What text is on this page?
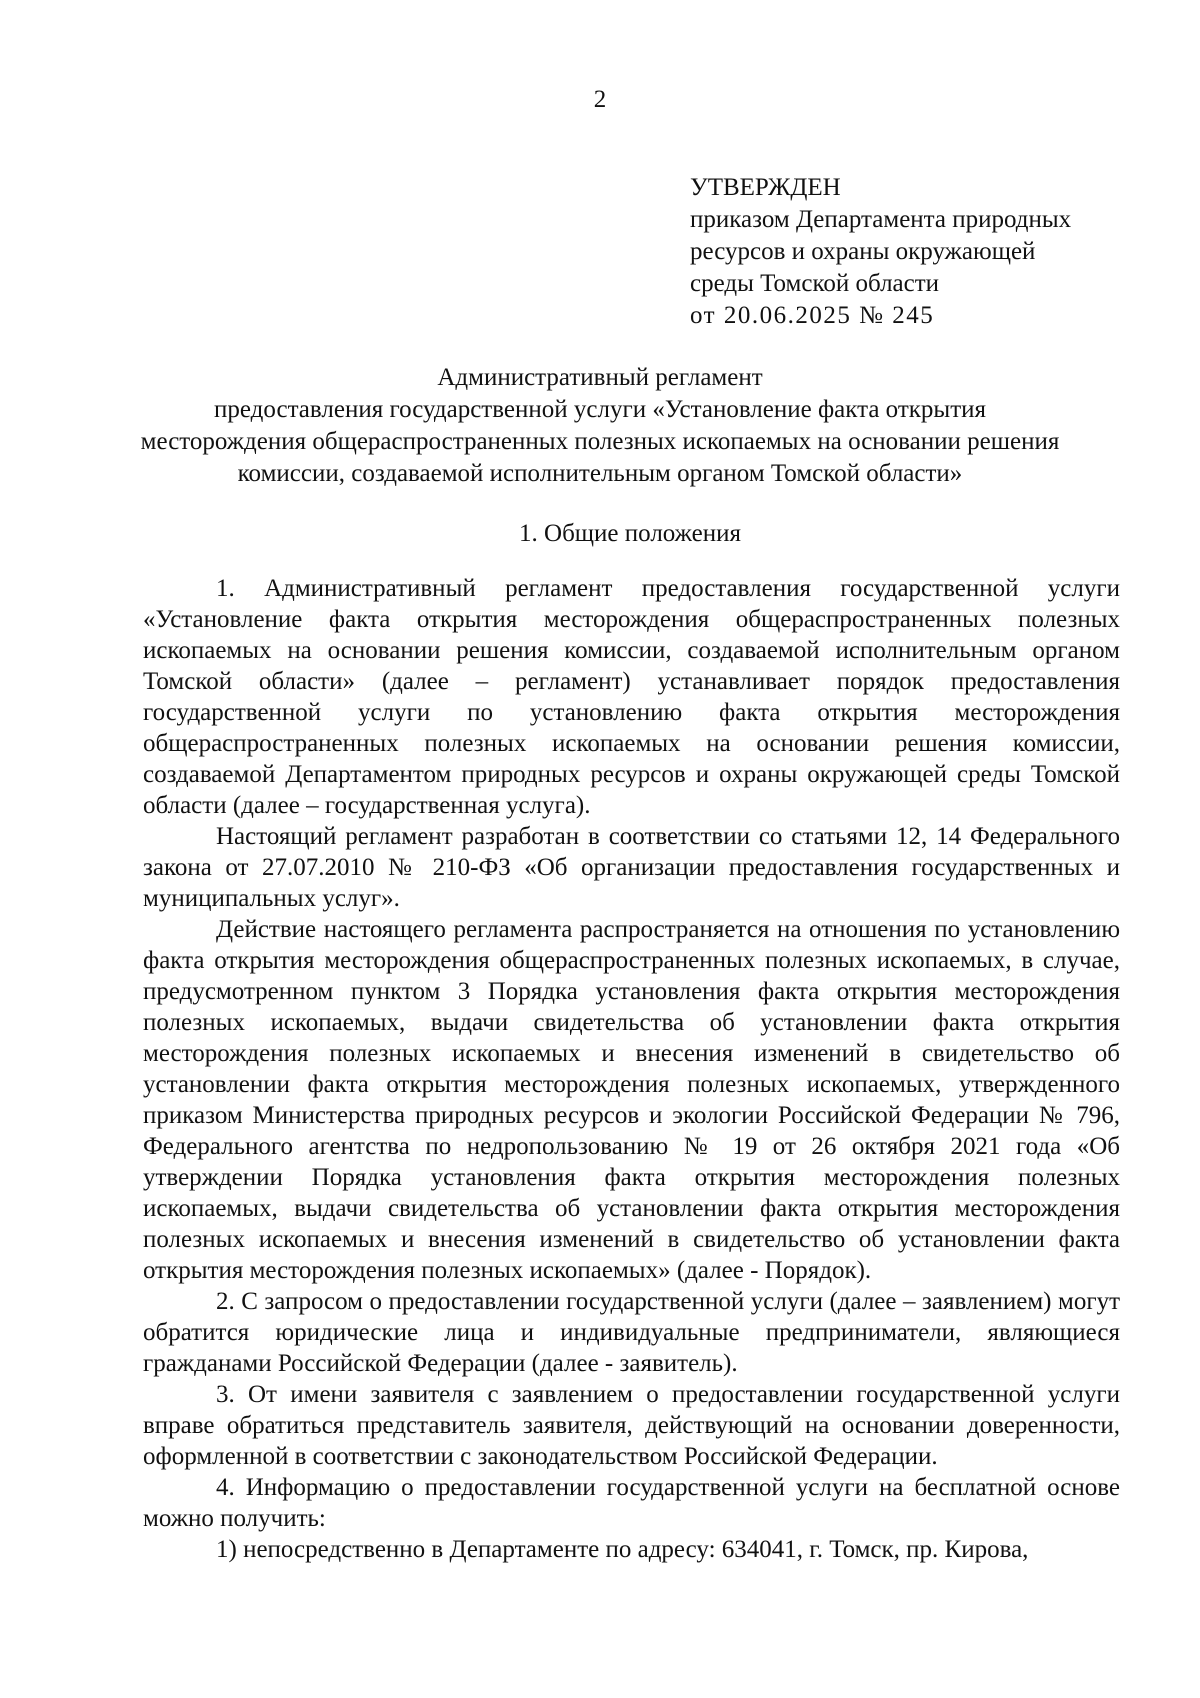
2
УТВЕРЖДЕН
приказом Департамента природных
ресурсов и охраны окружающей
среды Томской области
от 20.06.2025 № 245
Административный регламент
предоставления государственной услуги «Установление факта открытия
месторождения общераспространенных полезных ископаемых на основании решения
комиссии, создаваемой исполнительным органом Томской области»
1. Общие положения

1. Административный регламент предоставления государственной услуги «Установление факта открытия месторождения общераспространенных полезных ископаемых на основании решения комиссии, создаваемой исполнительным органом Томской области» (далее – регламент) устанавливает порядок предоставления государственной услуги по установлению факта открытия месторождения общераспространенных полезных ископаемых на основании решения комиссии, создаваемой Департаментом природных ресурсов и охраны окружающей среды Томской области (далее – государственная услуга).

Настоящий регламент разработан в соответствии со статьями 12, 14 Федерального закона от 27.07.2010 № 210-ФЗ «Об организации предоставления государственных и муниципальных услуг».

Действие настоящего регламента распространяется на отношения по установлению факта открытия месторождения общераспространенных полезных ископаемых, в случае, предусмотренном пунктом 3 Порядка установления факта открытия месторождения полезных ископаемых, выдачи свидетельства об установлении факта открытия месторождения полезных ископаемых и внесения изменений в свидетельство об установлении факта открытия месторождения полезных ископаемых, утвержденного приказом Министерства природных ресурсов и экологии Российской Федерации № 796, Федерального агентства по недропользованию № 19 от 26 октября 2021 года «Об утверждении Порядка установления факта открытия месторождения полезных ископаемых, выдачи свидетельства об установлении факта открытия месторождения полезных ископаемых и внесения изменений в свидетельство об установлении факта открытия месторождения полезных ископаемых» (далее - Порядок).

2. С запросом о предоставлении государственной услуги (далее – заявлением) могут обратится юридические лица и индивидуальные предприниматели, являющиеся гражданами Российской Федерации (далее - заявитель).

3. От имени заявителя с заявлением о предоставлении государственной услуги вправе обратиться представитель заявителя, действующий на основании доверенности, оформленной в соответствии с законодательством Российской Федерации.

4. Информацию о предоставлении государственной услуги на бесплатной основе можно получить:

1) непосредственно в Департаменте по адресу: 634041, г. Томск, пр. Кирова,
